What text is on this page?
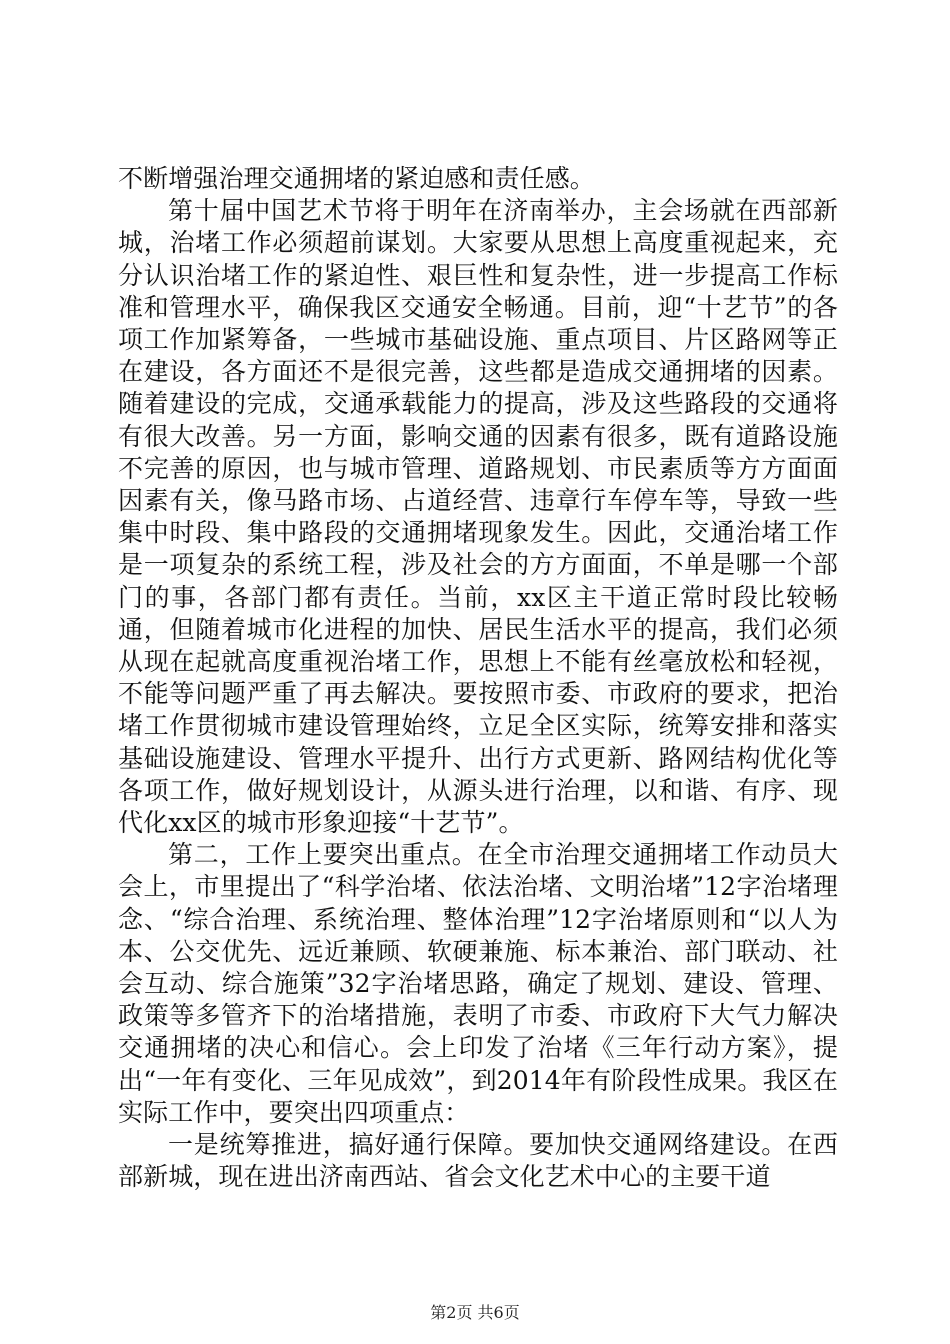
不断增强治理交通拥堵的紧迫感和责任感。

第十届中国艺术节将于明年在济南举办，主会场就在西部新城，治堵工作必须超前谋划。大家要从思想上高度重视起来，充分认识治堵工作的紧迫性、艰巨性和复杂性，进一步提高工作标准和管理水平，确保我区交通安全畅通。目前，迎“十艺节”的各项工作加紧筹备，一些城市基础设施、重点项目、片区路网等正在建设，各方面还不是很完善，这些都是造成交通拥堵的因素。随着建设的完成，交通承载能力的提高，涉及这些路段的交通将有很大改善。另一方面，影响交通的因素有很多，既有道路设施不完善的原因，也与城市管理、道路规划、市民素质等方方面面因素有关，像马路市场、占道经营、违章行车停车等，导致一些集中时段、集中路段的交通拥堵现象发生。因此，交通治堵工作是一项复杂的系统工程，涉及社会的方方面面，不单是哪一个部门的事，各部门都有责任。当前，xx区主干道正常时段比较畅通，但随着城市化进程的加快、居民生活水平的提高，我们必须从现在起就高度重视治堵工作，思想上不能有丝毫放松和轻视，不能等问题严重了再去解决。要按照市委、市政府的要求，把治堵工作贯彻城市建设管理始终，立足全区实际，统筹安排和落实基础设施建设、管理水平提升、出行方式更新、路网结构优化等各项工作，做好规划设计，从源头进行治理，以和谐、有序、现代化xx区的城市形象迎接“十艺节”。

第二，工作上要突出重点。在全市治理交通拥堵工作动员大会上，市里提出了“科学治堵、依法治堵、文明治堵”12字治堵理念、“综合治理、系统治理、整体治理”12字治堵原则和“以人为本、公交优先、远近兼顾、软硬兼施、标本兼治、部门联动、社会互动、综合施策”32字治堵思路，确定了规划、建设、管理、政策等多管齐下的治堵措施，表明了市委、市政府下大气力解决交通拥堵的决心和信心。会上印发了治堵《三年行动方案》，提出“一年有变化、三年见成效”，到2014年有阶段性成果。我区在实际工作中，要突出四项重点：

一是统筹推进，搞好通行保障。要加快交通网络建设。在西部新城，现在进出济南西站、省会文化艺术中心的主要干道

第2页 共6页
